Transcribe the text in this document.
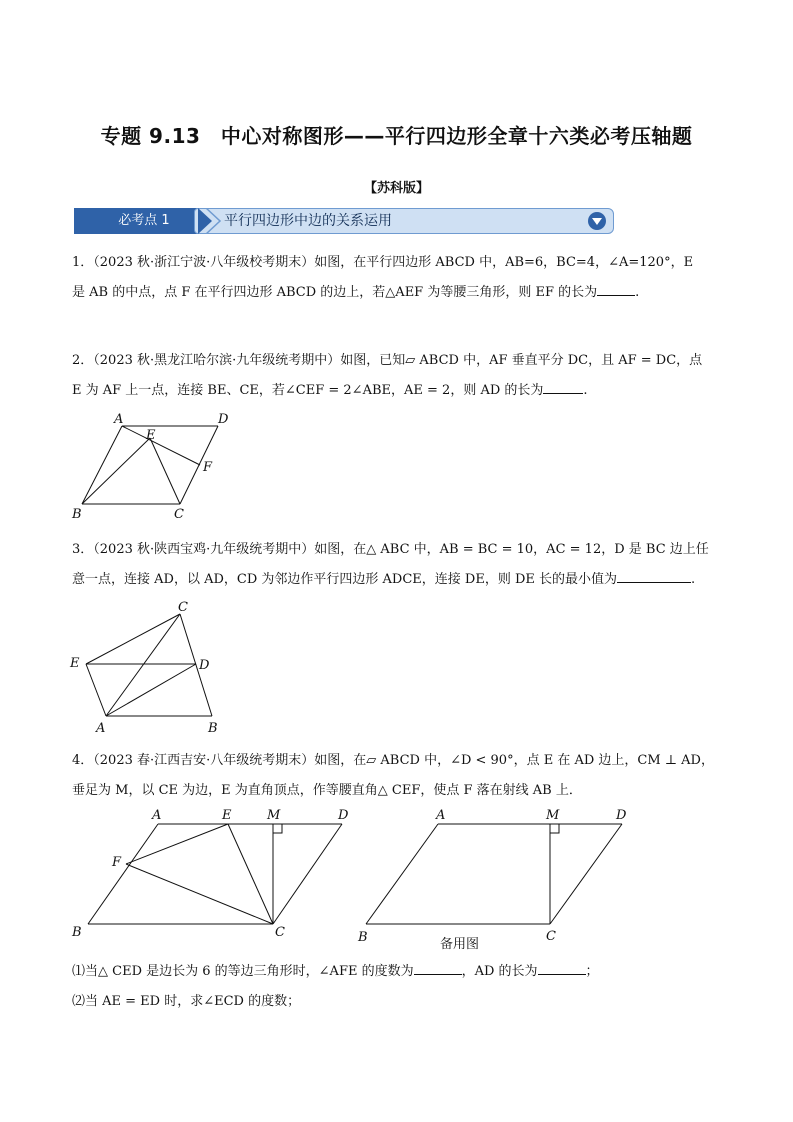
专题 9.13　中心对称图形——平行四边形全章十六类必考压轴题
【苏科版】
必考点 1	平行四边形中边的关系运用
1．（2023 秋·浙江宁波·八年级校考期末）如图，在平行四边形 ABCD 中，AB=6，BC=4，∠A=120°，E
是 AB 的中点，点 F 在平行四边形 ABCD 的边上，若△AEF 为等腰三角形，则 EF 的长为	.
2．（2023 秋·黑龙江哈尔滨·九年级统考期中）如图，已知▱ ABCD 中，AF 垂直平分 DC，且 AF = DC，点
E 为 AF 上一点，连接 BE、CE，若∠CEF = 2∠ABE，AE = 2，则 AD 的长为	.
A	D
E
F
B	C
3．（2023 秋·陕西宝鸡·九年级统考期中）如图，在△ ABC 中，AB = BC = 10，AC = 12，D 是 BC 边上任
意一点，连接 AD，以 AD，CD 为邻边作平行四边形 ADCE，连接 DE，则 DE 长的最小值为	.
C
E	D
A	B
4．（2023 春·江西吉安·八年级统考期末）如图，在▱ ABCD 中，∠D < 90°，点 E 在 AD 边上，CM ⊥ AD，
垂足为 M，以 CE 为边，E 为直角顶点，作等腰直角△ CEF，使点 F 落在射线 AB 上．
A	E	M	D
F
B	C
A	M	D
B	C
备用图
⑴当△ CED 是边长为 6 的等边三角形时，∠AFE 的度数为	，AD 的长为	；
⑵当 AE = ED 时，求∠ECD 的度数；
